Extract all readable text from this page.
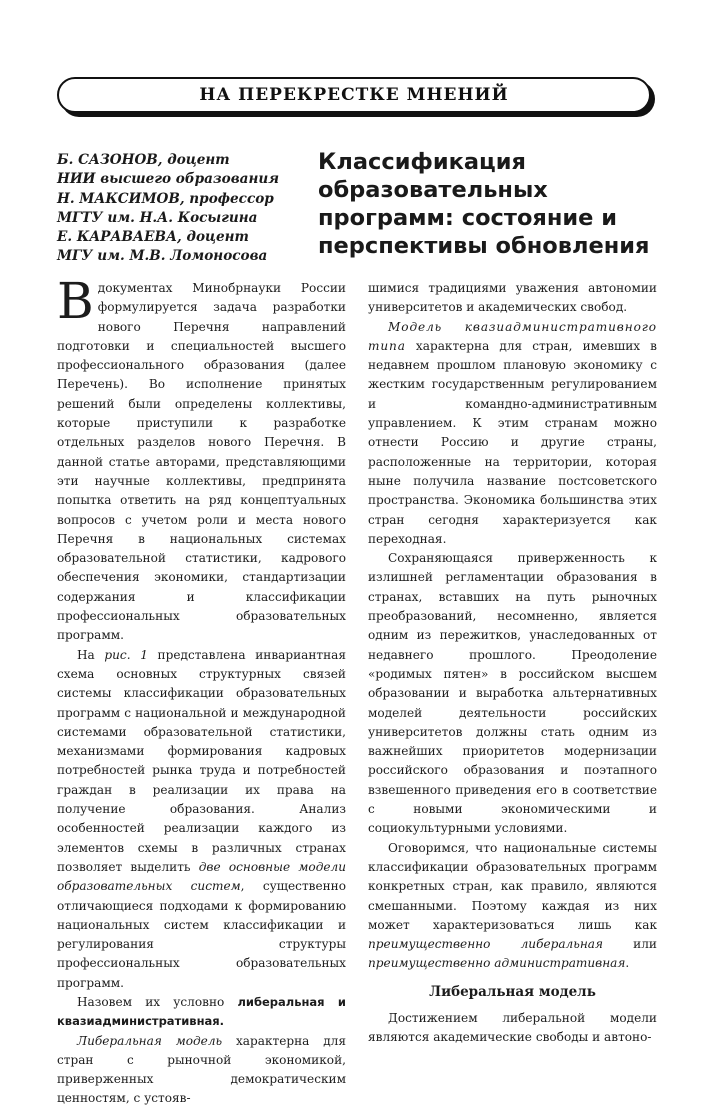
НА ПЕРЕКРЕСТКЕ МНЕНИЙ
Б. САЗОНОВ, доцент
НИИ высшего образования
Н. МАКСИМОВ, профессор
МГТУ им. Н.А. Косыгина
Е. КАРАВАЕВА, доцент
МГУ им. М.В. Ломоносова
Классификация
образовательных
программ: состояние и
перспективы обновления

Вдокументах Минобрнауки России формулируется задача разработки нового Перечня направлений подготовки и специальностей высшего профессионального образования (далее Перечень). Во исполнение принятых решений были определены коллективы, которые приступили к разработке отдельных разделов нового Перечня. В данной статье авторами, представляющими эти научные коллективы, предпринята попытка ответить на ряд концептуальных вопросов с учетом роли и места нового Перечня в национальных системах образовательной статистики, кадрового обеспечения экономики, стандартизации содержания и классификации профессиональных образовательных программ.

На рис. 1 представлена инвариантная схема основных структурных связей системы классификации образовательных программ с национальной и международной системами образовательной статистики, механизмами формирования кадровых потребностей рынка труда и потребностей граждан в реализации их права на получение образования. Анализ особенностей реализации каждого из элементов схемы в различных странах позволяет выделить две основные модели образовательных систем, существенно отличающиеся подходами к формированию национальных систем классификации и регулирования структуры профессиональных образовательных программ.

Назовем их условно либеральная и квазиадминистративная.

Либеральная модель характерна для стран с рыночной экономикой, приверженных демократическим ценностям, с устояв-

шимися традициями уважения автономии университетов и академических свобод.

Модель квазиадминистративного типа характерна для стран, имевших в недавнем прошлом плановую экономику с жестким государственным регулированием и командно-административным управлением. К этим странам можно отнести Россию и другие страны, расположенные на территории, которая ныне получила название постсоветского пространства. Экономика большинства этих стран сегодня характеризуется как переходная.

Сохраняющаяся приверженность к излишней регламентации образования в странах, вставших на путь рыночных преобразований, несомненно, является одним из пережитков, унаследованных от недавнего прошлого. Преодоление «родимых пятен» в российском высшем образовании и выработка альтернативных моделей деятельности российских университетов должны стать одним из важнейших приоритетов модернизации российского образования и поэтапного взвешенного приведения его в соответствие с новыми экономическими и социокультурными условиями.

Оговоримся, что национальные системы классификации образовательных программ конкретных стран, как правило, являются смешанными. Поэтому каждая из них может характеризоваться лишь как преимущественно либеральная или преимущественно административная.

Либеральная модель

Достижением либеральной модели являются академические свободы и автоно-
